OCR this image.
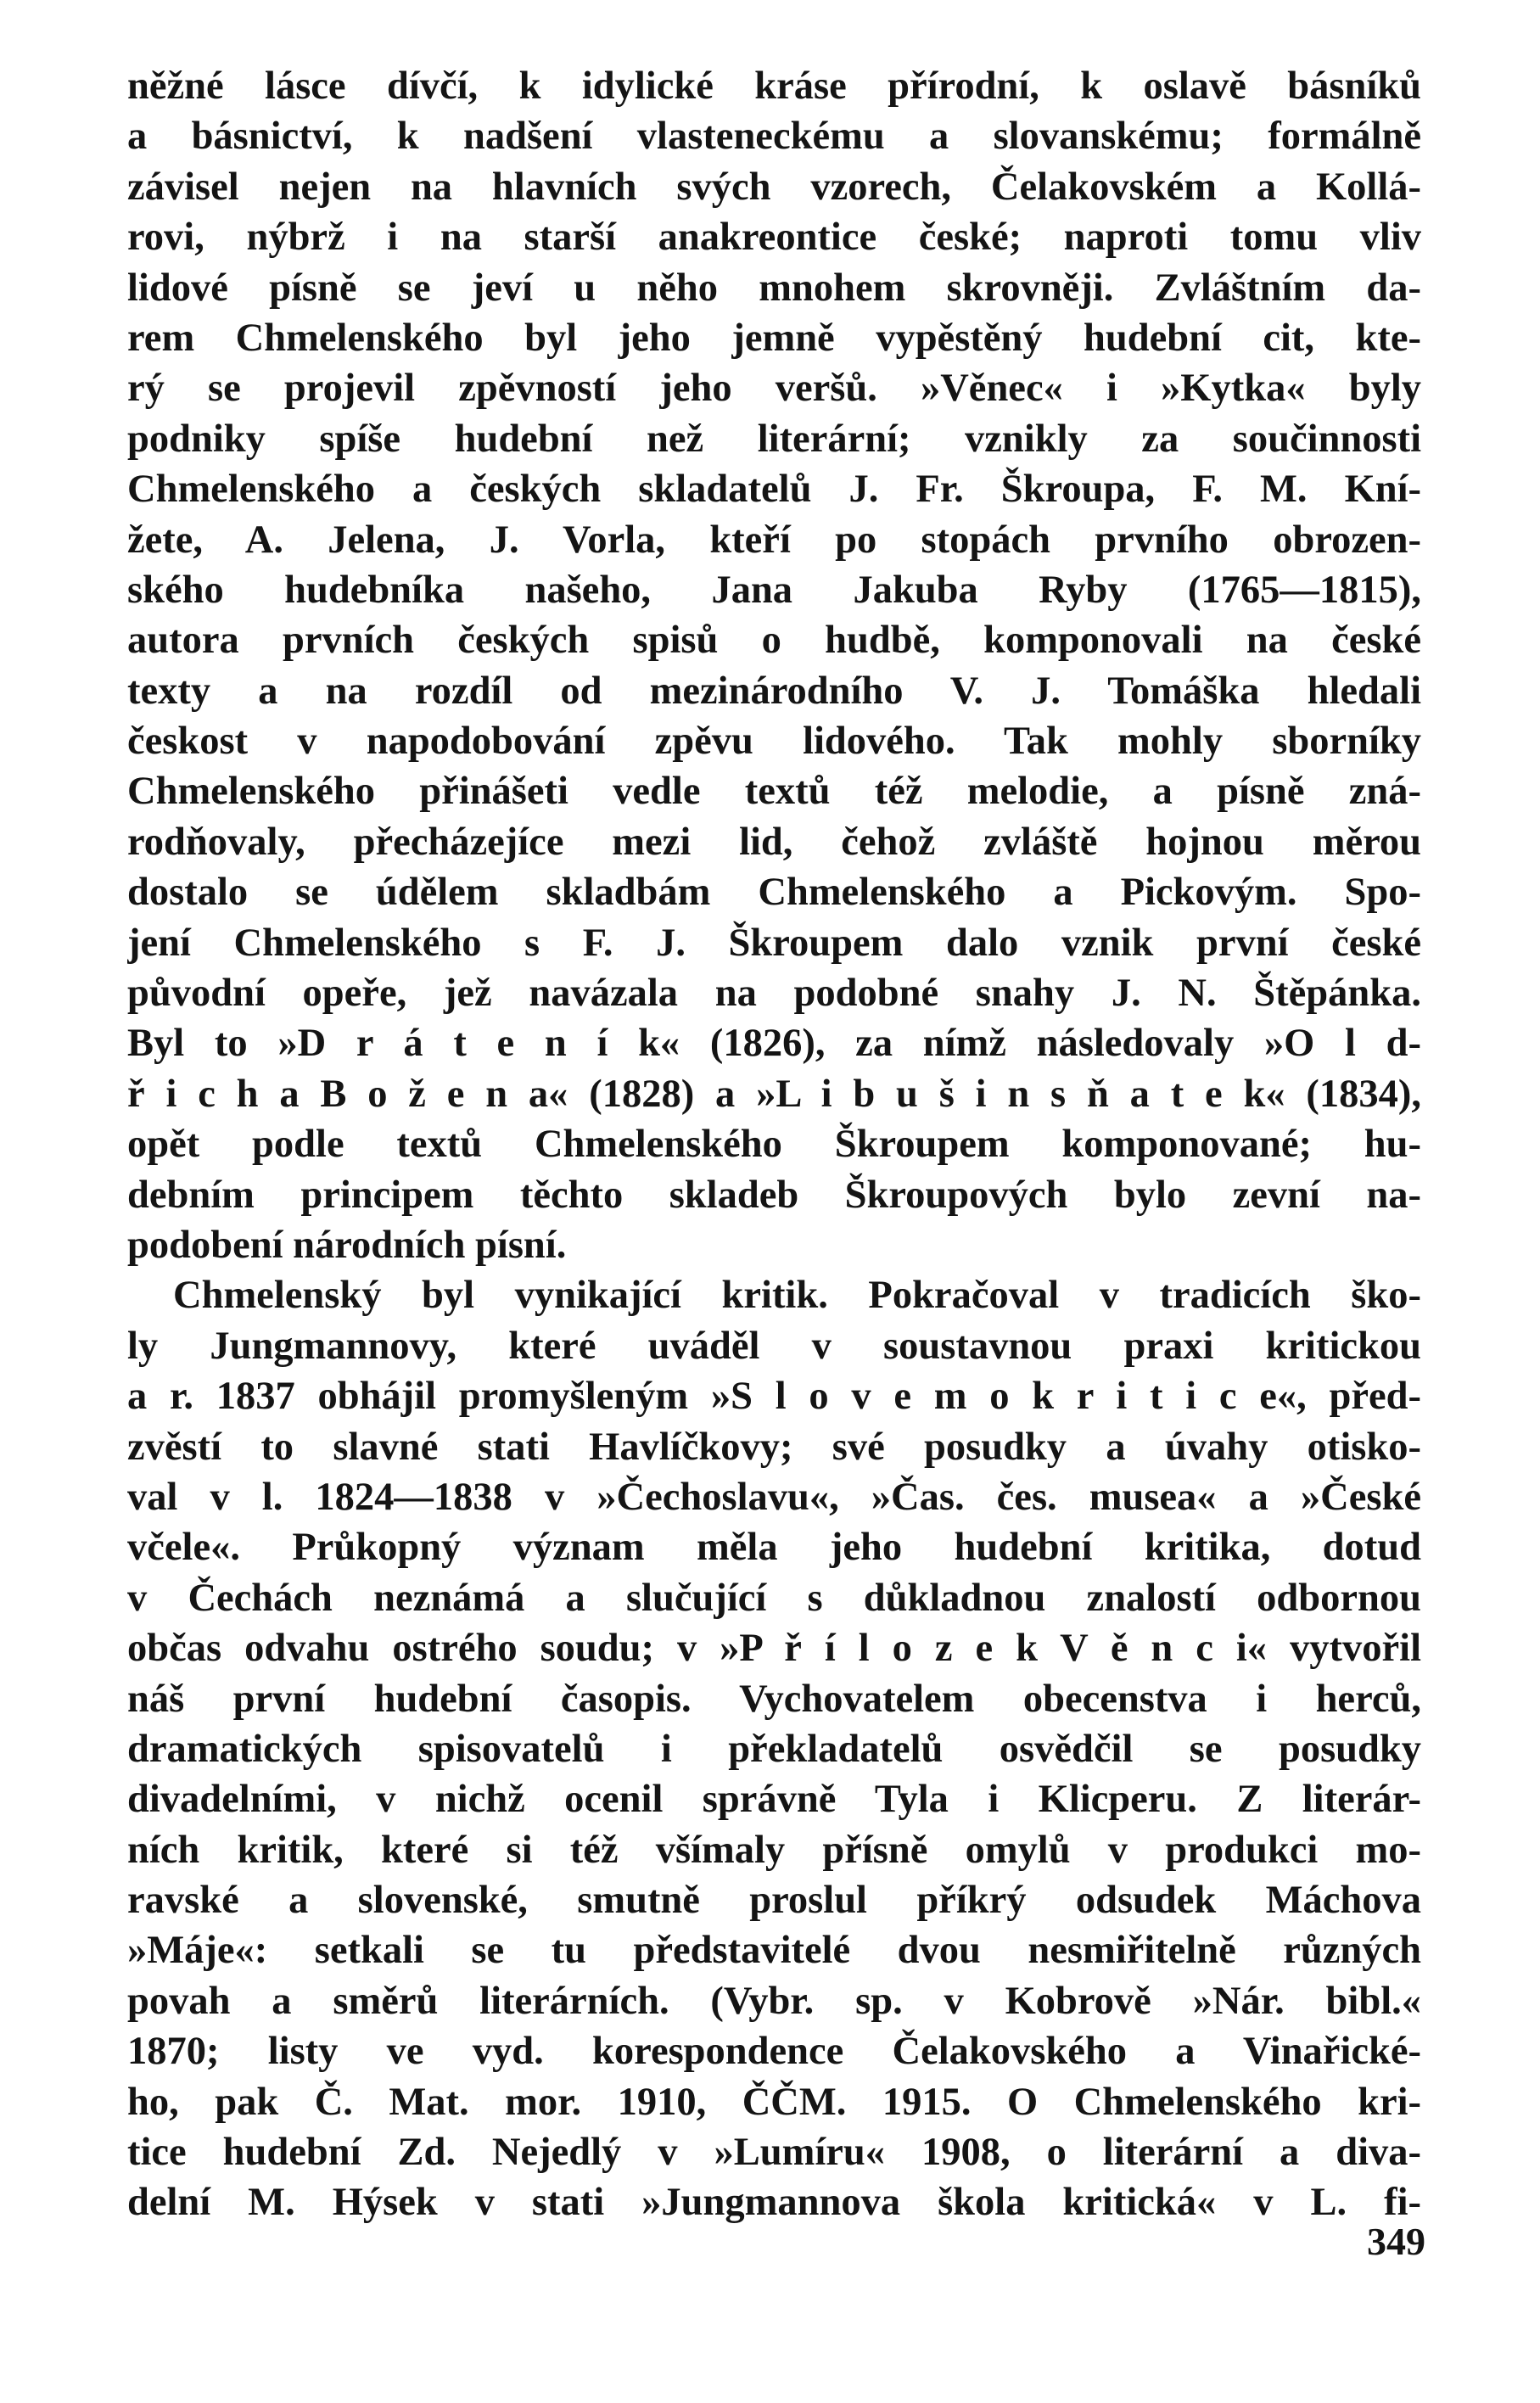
něžné lásce dívčí, k idylické kráse přírodní, k oslavě básníků
a básnictví, k nadšení vlasteneckému a slovanskému; formálně
závisel nejen na hlavních svých vzorech, Čelakovském a Kollá-
rovi, nýbrž i na starší anakreontice české; naproti tomu vliv
lidové písně se jeví u něho mnohem skrovněji. Zvláštním da-
rem Chmelenského byl jeho jemně vypěstěný hudební cit, kte-
rý se projevil zpěvností jeho veršů. »Věnec« i »Kytka« byly
podniky spíše hudební než literární; vznikly za součinnosti
Chmelenského a českých skladatelů J. Fr. Škroupa, F. M. Kní-
žete, A. Jelena, J. Vorla, kteří po stopách prvního obrozen-
ského hudebníka našeho, Jana Jakuba Ryby (1765—1815),
autora prvních českých spisů o hudbě, komponovali na české
texty a na rozdíl od mezinárodního V. J. Tomáška hledali
českost v napodobování zpěvu lidového. Tak mohly sborníky
Chmelenského přinášeti vedle textů též melodie, a písně zná-
rodňovaly, přecházejíce mezi lid, čehož zvláště hojnou měrou
dostalo se údělem skladbám Chmelenského a Pickovým. Spo-
jení Chmelenského s F. J. Škroupem dalo vznik první české
původní opeře, jež navázala na podobné snahy J. N. Štěpánka.
Byl to »D r á t e n í k« (1826), za nímž následovaly »O l d-
ř i c h a B o ž e n a« (1828) a »L i b u š i n s ň a t e k« (1834),
opět podle textů Chmelenského Škroupem komponované; hu-
debním principem těchto skladeb Škroupových bylo zevní na-
podobení národních písní.
Chmelenský byl vynikající kritik. Pokračoval v tradicích ško-
ly Jungmannovy, které uváděl v soustavnou praxi kritickou
a r. 1837 obhájil promyšleným »S l o v e m o k r i t i c e«, před-
zvěstí to slavné stati Havlíčkovy; své posudky a úvahy otisko-
val v l. 1824—1838 v »Čechoslavu«, »Čas. čes. musea« a »České
včele«. Průkopný význam měla jeho hudební kritika, dotud
v Čechách neznámá a slučující s důkladnou znalostí odbornou
občas odvahu ostrého soudu; v »P ř í l o z e k V ě n c i« vytvořil
náš první hudební časopis. Vychovatelem obecenstva i herců,
dramatických spisovatelů i překladatelů osvědčil se posudky
divadelními, v nichž ocenil správně Tyla i Klicperu. Z literár-
ních kritik, které si též všímaly přísně omylů v produkci mo-
ravské a slovenské, smutně proslul příkrý odsudek Máchova
»Máje«: setkali se tu představitelé dvou nesmiřitelně různých
povah a směrů literárních. (Vybr. sp. v Kobrově »Nár. bibl.«
1870; listy ve vyd. korespondence Čelakovského a Vinařické-
ho, pak Č. Mat. mor. 1910, ČČM. 1915. O Chmelenského kri-
tice hudební Zd. Nejedlý v »Lumíru« 1908, o literární a diva-
delní M. Hýsek v stati »Jungmannova škola kritická« v L. fi-
349
